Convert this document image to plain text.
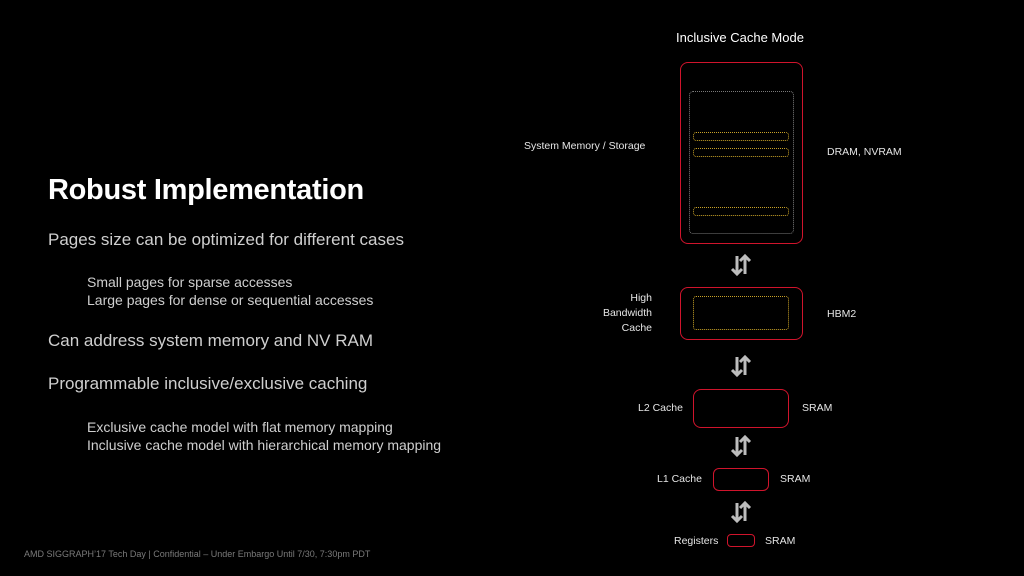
Robust Implementation
Pages size can be optimized for different cases
Small pages for sparse accesses
Large pages for dense or sequential accesses
Can address system memory and NV RAM
Programmable inclusive/exclusive caching
Exclusive cache model with flat memory mapping
Inclusive cache model with hierarchical memory mapping
AMD SIGGRAPH’17 Tech Day | Confidential – Under Embargo Until 7/30, 7:30pm PDT
Inclusive Cache Mode
System Memory / Storage	DRAM, NVRAM
High
Bandwidth
Cache
HBM2
L2 Cache	SRAM
L1 Cache	SRAM
Registers	SRAM
